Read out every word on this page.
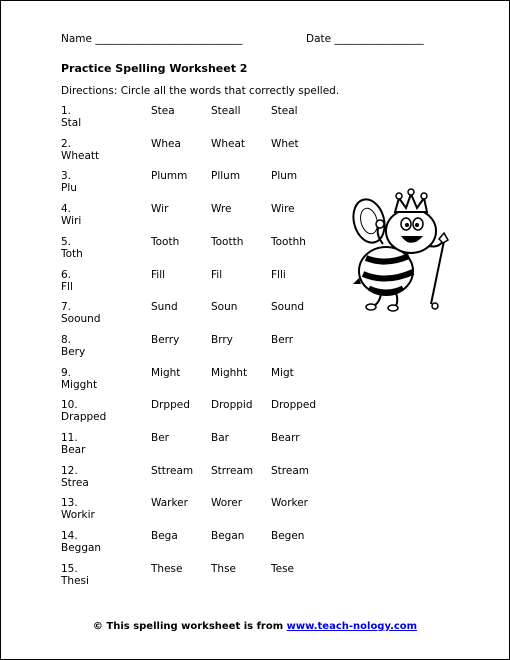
Name ____________________________	Date _________________
Practice Spelling Worksheet 2
Directions: Circle all the words that correctly spelled.
1. Stal
Stea	Steall	Steal
2. Wheatt
Whea	Wheat Whet
3. Plu
Plumm Pllum	Plum
4. Wiri
Wir	Wre	Wire
5. Toth
Tooth	Tootth	Toothh
6. Fll
Fill	Fil	Flli
7. Soound
Sund	Soun	Sound
8. Bery
Berry	Brry	Berr
9. Migght
Might	Mighht Migt
10. Drapped
Drpped Droppid Dropped
11. Bear
Ber	Bar	Bearr
12. Strea
Sttream Strream Stream
13. Workir
Warker Worer	Worker
14. Beggan
Bega	Began	Begen
15. Thesi
These	Thse	Tese
© This spelling worksheet is from www.teach-nology.com
